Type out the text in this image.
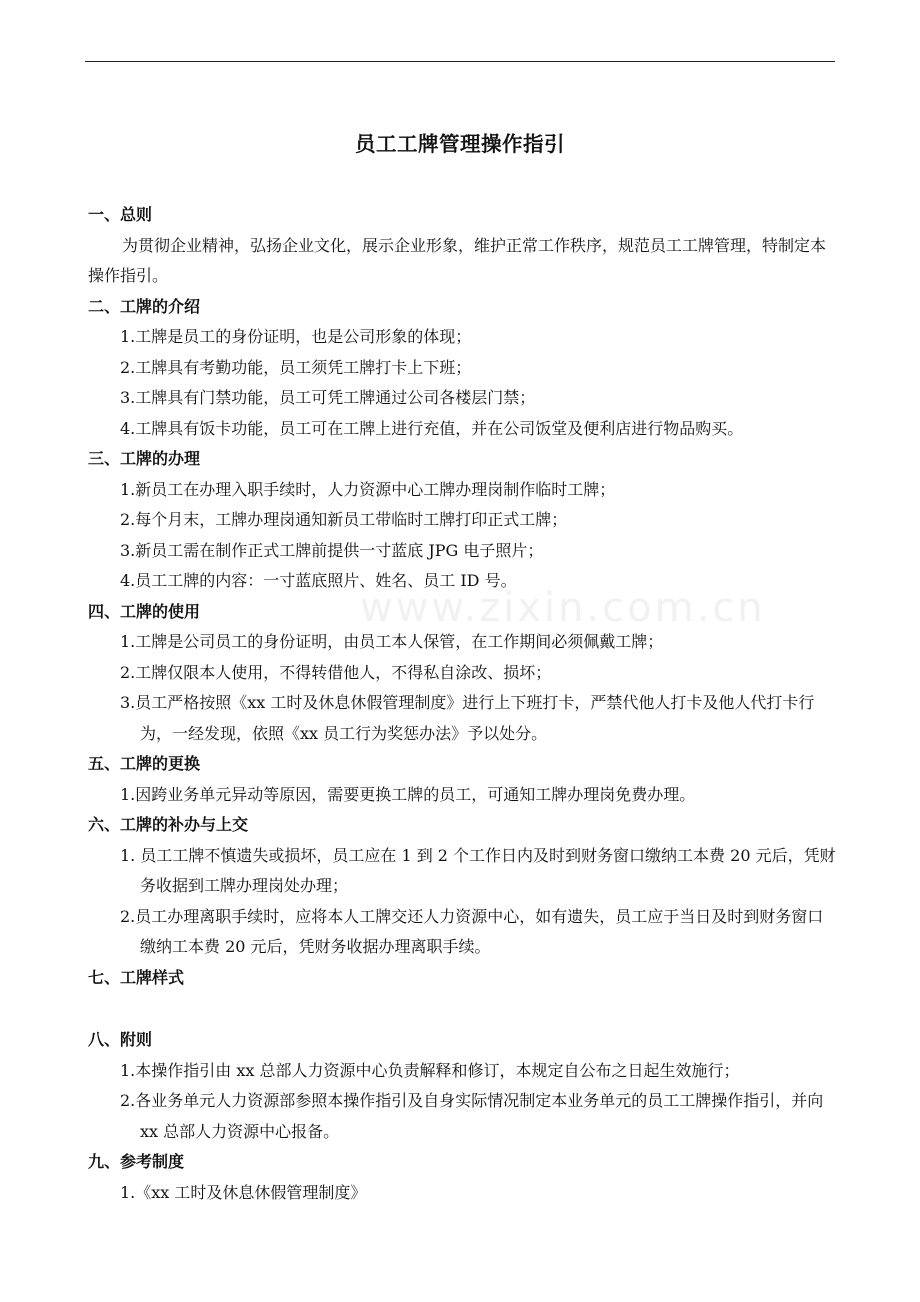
www.zixin.com.cn
员工工牌管理操作指引
一、总则
为贯彻企业精神，弘扬企业文化，展示企业形象，维护正常工作秩序，规范员工工牌管理，特制定本操作指引。
二、工牌的介绍
1.工牌是员工的身份证明，也是公司形象的体现；
2.工牌具有考勤功能，员工须凭工牌打卡上下班；
3.工牌具有门禁功能，员工可凭工牌通过公司各楼层门禁；
4.工牌具有饭卡功能，员工可在工牌上进行充值，并在公司饭堂及便利店进行物品购买。
三、工牌的办理
1.新员工在办理入职手续时，人力资源中心工牌办理岗制作临时工牌；
2.每个月末，工牌办理岗通知新员工带临时工牌打印正式工牌；
3.新员工需在制作正式工牌前提供一寸蓝底 JPG 电子照片；
4.员工工牌的内容：一寸蓝底照片、姓名、员工 ID 号。
四、工牌的使用
1.工牌是公司员工的身份证明，由员工本人保管，在工作期间必须佩戴工牌；
2.工牌仅限本人使用，不得转借他人，不得私自涂改、损坏；
3.员工严格按照《xx 工时及休息休假管理制度》进行上下班打卡，严禁代他人打卡及他人代打卡行为，一经发现，依照《xx 员工行为奖惩办法》予以处分。
五、工牌的更换
1.因跨业务单元异动等原因，需要更换工牌的员工，可通知工牌办理岗免费办理。
六、工牌的补办与上交
1. 员工工牌不慎遗失或损坏，员工应在 1 到 2 个工作日内及时到财务窗口缴纳工本费 20 元后，凭财务收据到工牌办理岗处办理；
2.员工办理离职手续时，应将本人工牌交还人力资源中心，如有遗失，员工应于当日及时到财务窗口缴纳工本费 20 元后，凭财务收据办理离职手续。
七、工牌样式
八、附则
1.本操作指引由 xx 总部人力资源中心负责解释和修订，本规定自公布之日起生效施行；
2.各业务单元人力资源部参照本操作指引及自身实际情况制定本业务单元的员工工牌操作指引，并向 xx 总部人力资源中心报备。
九、参考制度
1.《xx 工时及休息休假管理制度》
